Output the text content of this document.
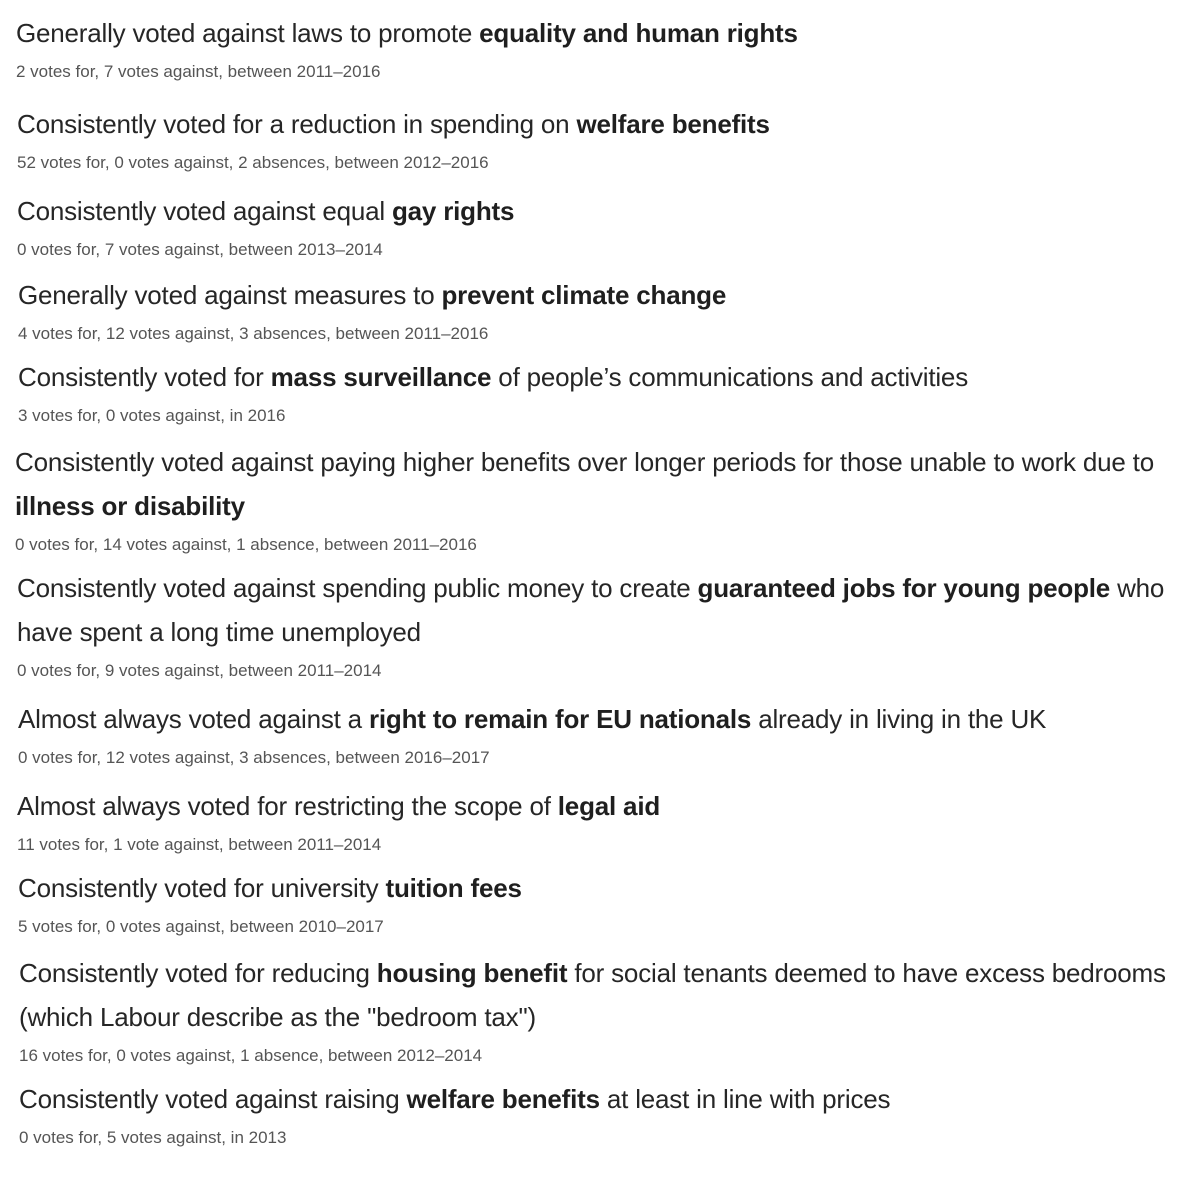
Generally voted against laws to promote equality and human rights
2 votes for, 7 votes against, between 2011–2016
Consistently voted for a reduction in spending on welfare benefits
52 votes for, 0 votes against, 2 absences, between 2012–2016
Consistently voted against equal gay rights
0 votes for, 7 votes against, between 2013–2014
Generally voted against measures to prevent climate change
4 votes for, 12 votes against, 3 absences, between 2011–2016
Consistently voted for mass surveillance of people’s communications and activities
3 votes for, 0 votes against, in 2016
Consistently voted against paying higher benefits over longer periods for those unable to work due to illness or disability
0 votes for, 14 votes against, 1 absence, between 2011–2016
Consistently voted against spending public money to create guaranteed jobs for young people who have spent a long time unemployed
0 votes for, 9 votes against, between 2011–2014
Almost always voted against a right to remain for EU nationals already in living in the UK
0 votes for, 12 votes against, 3 absences, between 2016–2017
Almost always voted for restricting the scope of legal aid
11 votes for, 1 vote against, between 2011–2014
Consistently voted for university tuition fees
5 votes for, 0 votes against, between 2010–2017
Consistently voted for reducing housing benefit for social tenants deemed to have excess bedrooms (which Labour describe as the "bedroom tax")
16 votes for, 0 votes against, 1 absence, between 2012–2014
Consistently voted against raising welfare benefits at least in line with prices
0 votes for, 5 votes against, in 2013
